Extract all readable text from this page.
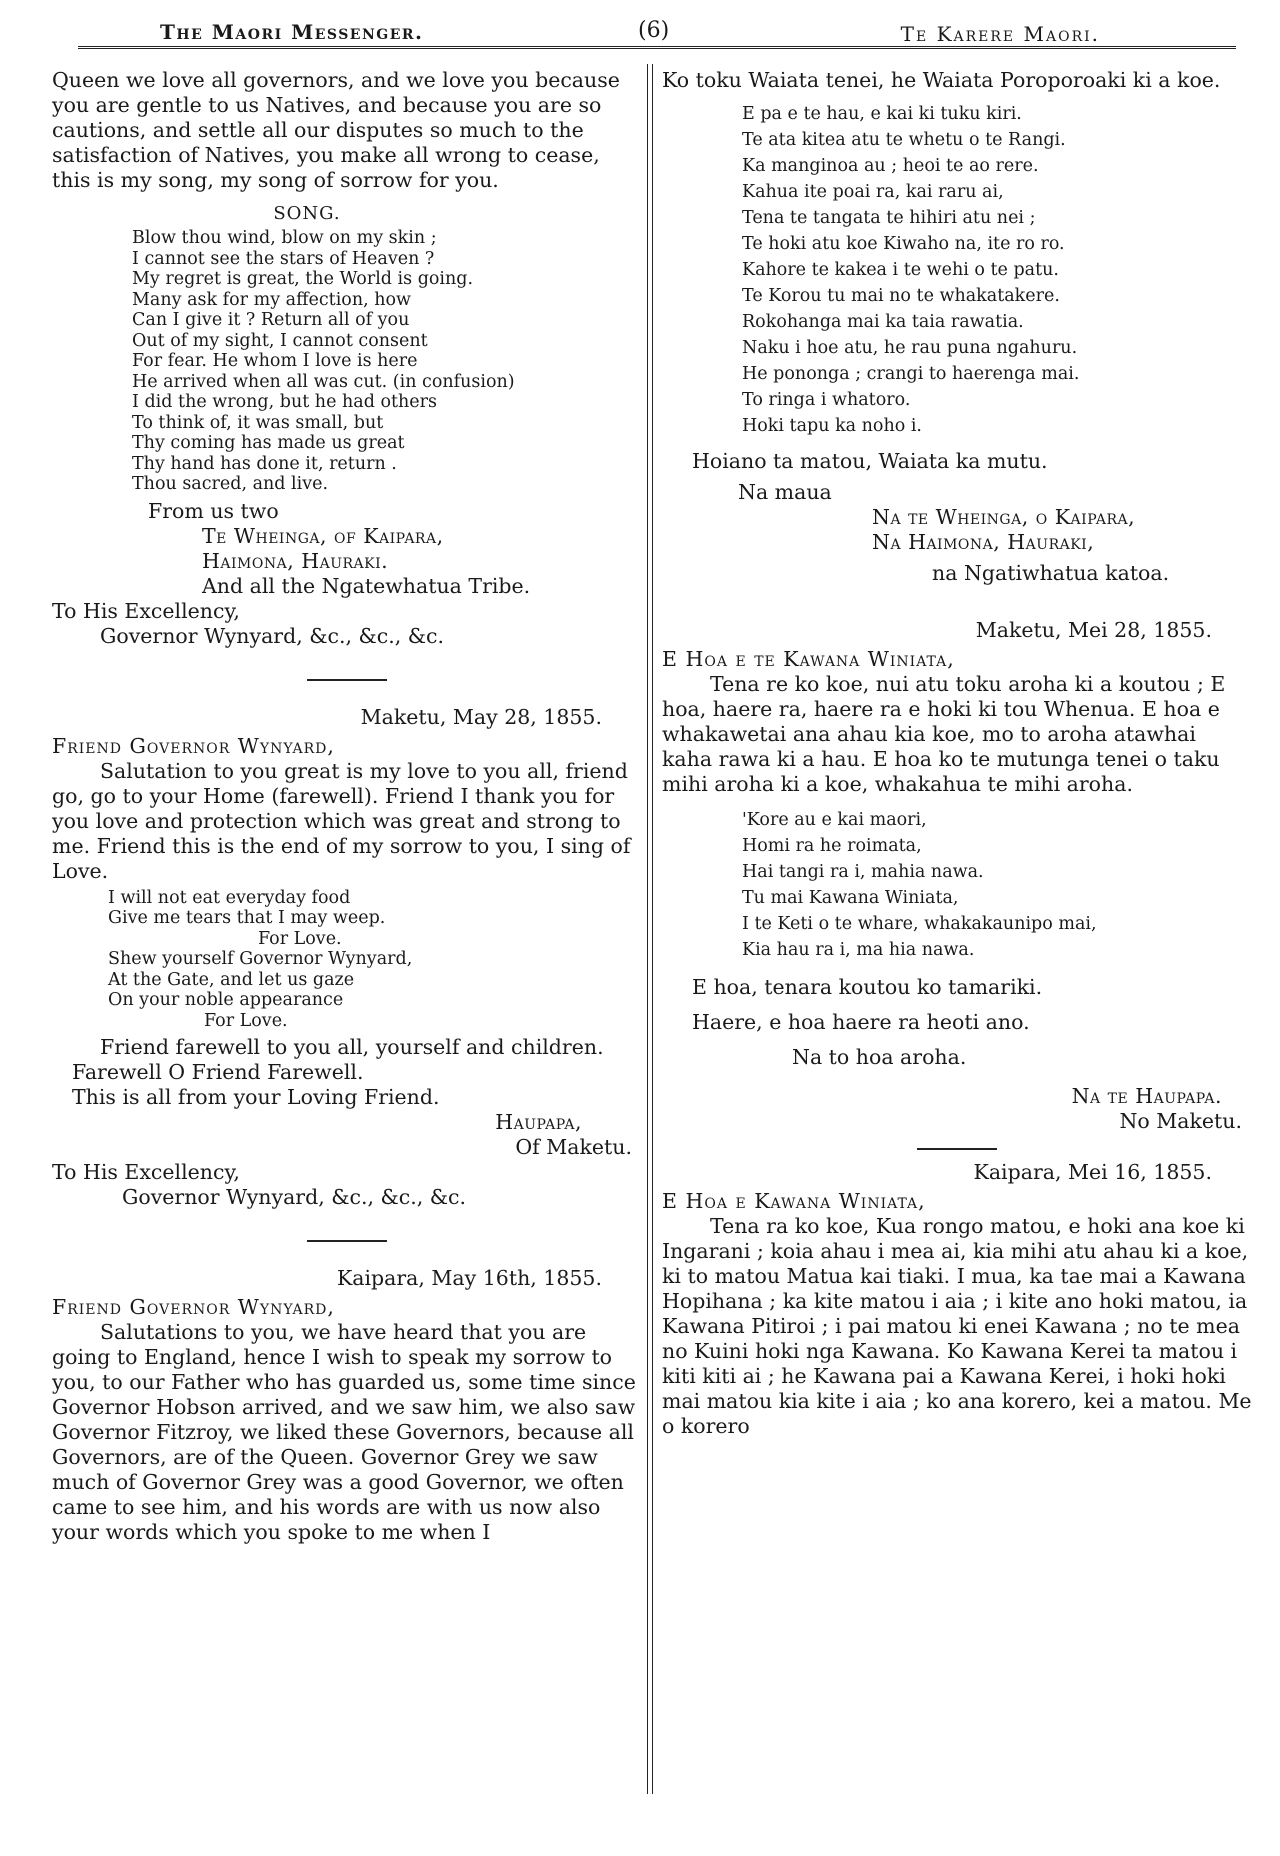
The Maori Messenger.	(6)	Te Karere Maori.

Queen we love all governors, and we love you because you are gentle to us Natives, and because you are so cautions, and settle all our disputes so much to the satisfaction of Natives, you make all wrong to cease, this is my song, my song of sorrow for you.

SONG.
Blow thou wind, blow on my skin ;
I cannot see the stars of Heaven ?
My regret is great, the World is going.
Many ask for my affection, how
Can I give it ? Return all of you
Out of my sight, I cannot consent
For fear. He whom I love is here
He arrived when all was cut. (in confusion)
I did the wrong, but he had others
To think of, it was small, but
Thy coming has made us great
Thy hand has done it, return .
Thou sacred, and live.

From us two

Te Wheinga, of Kaipara,

Haimona, Hauraki.

And all the Ngatewhatua Tribe.

To His Excellency,

Governor Wynyard, &c., &c., &c.

Maketu, May 28, 1855.

Friend Governor Wynyard,

Salutation to you great is my love to you all, friend go, go to your Home (farewell). Friend I thank you for you love and protection which was great and strong to me. Friend this is the end of my sorrow to you, I sing of Love.

I will not eat everyday food
Give me tears that I may weep.
For Love.
Shew yourself Governor Wynyard,
At the Gate, and let us gaze
On your noble appearance
For Love.

Friend farewell to you all, yourself and children.

Farewell O Friend Farewell.

This is all from your Loving Friend.

Haupapa,

Of Maketu.

To His Excellency,

Governor Wynyard, &c., &c., &c.

Kaipara, May 16th, 1855.

Friend Governor Wynyard,

Salutations to you, we have heard that you are going to England, hence I wish to speak my sorrow to you, to our Father who has guarded us, some time since Governor Hobson arrived, and we saw him, we also saw Governor Fitzroy, we liked these Governors, because all Governors, are of the Queen. Governor Grey we saw much of Governor Grey was a good Governor, we often came to see him, and his words are with us now also your words which you spoke to me when I

Ko toku Waiata tenei, he Waiata Poroporoaki ki a koe.

E pa e te hau, e kai ki tuku kiri.
Te ata kitea atu te whetu o te Rangi.
Ka manginoa au ; heoi te ao rere.
Kahua ite poai ra, kai raru ai,
Tena te tangata te hihiri atu nei ;
Te hoki atu koe Kiwaho na, ite ro ro.
Kahore te kakea i te wehi o te patu.
Te Korou tu mai no te whakatakere.
Rokohanga mai ka taia rawatia.
Naku i hoe atu, he rau puna ngahuru.
He pononga ; crangi to haerenga mai.
To ringa i whatoro.
Hoki tapu ka noho i.

Hoiano ta matou, Waiata ka mutu.

Na maua

Na te Wheinga, o Kaipara,

Na Haimona, Hauraki,

na Ngatiwhatua katoa.

Maketu, Mei 28, 1855.

E Hoa e te Kawana Winiata,

Tena re ko koe, nui atu toku aroha ki a koutou ; E hoa, haere ra, haere ra e hoki ki tou Whenua. E hoa e whakawetai ana ahau kia koe, mo to aroha atawhai kaha rawa ki a hau. E hoa ko te mutunga tenei o taku mihi aroha ki a koe, whakahua te mihi aroha.

'Kore au e kai maori,
Homi ra he roimata,
Hai tangi ra i, mahia nawa.
Tu mai Kawana Winiata,
I te Keti o te whare, whakakaunipo mai,
Kia hau ra i, ma hia nawa.

E hoa, tenara koutou ko tamariki.

Haere, e hoa haere ra heoti ano.

Na to hoa aroha.

Na te Haupapa.

No Maketu.

Kaipara, Mei 16, 1855.

E Hoa e Kawana Winiata,

Tena ra ko koe, Kua rongo matou, e hoki ana koe ki Ingarani ; koia ahau i mea ai, kia mihi atu ahau ki a koe, ki to matou Matua kai tiaki. I mua, ka tae mai a Kawana Hopihana ; ka kite matou i aia ; i kite ano hoki matou, ia Kawana Pitiroi ; i pai matou ki enei Kawana ; no te mea no Kuini hoki nga Kawana. Ko Kawana Kerei ta matou i kiti kiti ai ; he Kawana pai a Kawana Kerei, i hoki hoki mai matou kia kite i aia ; ko ana korero, kei a matou. Me o korero
